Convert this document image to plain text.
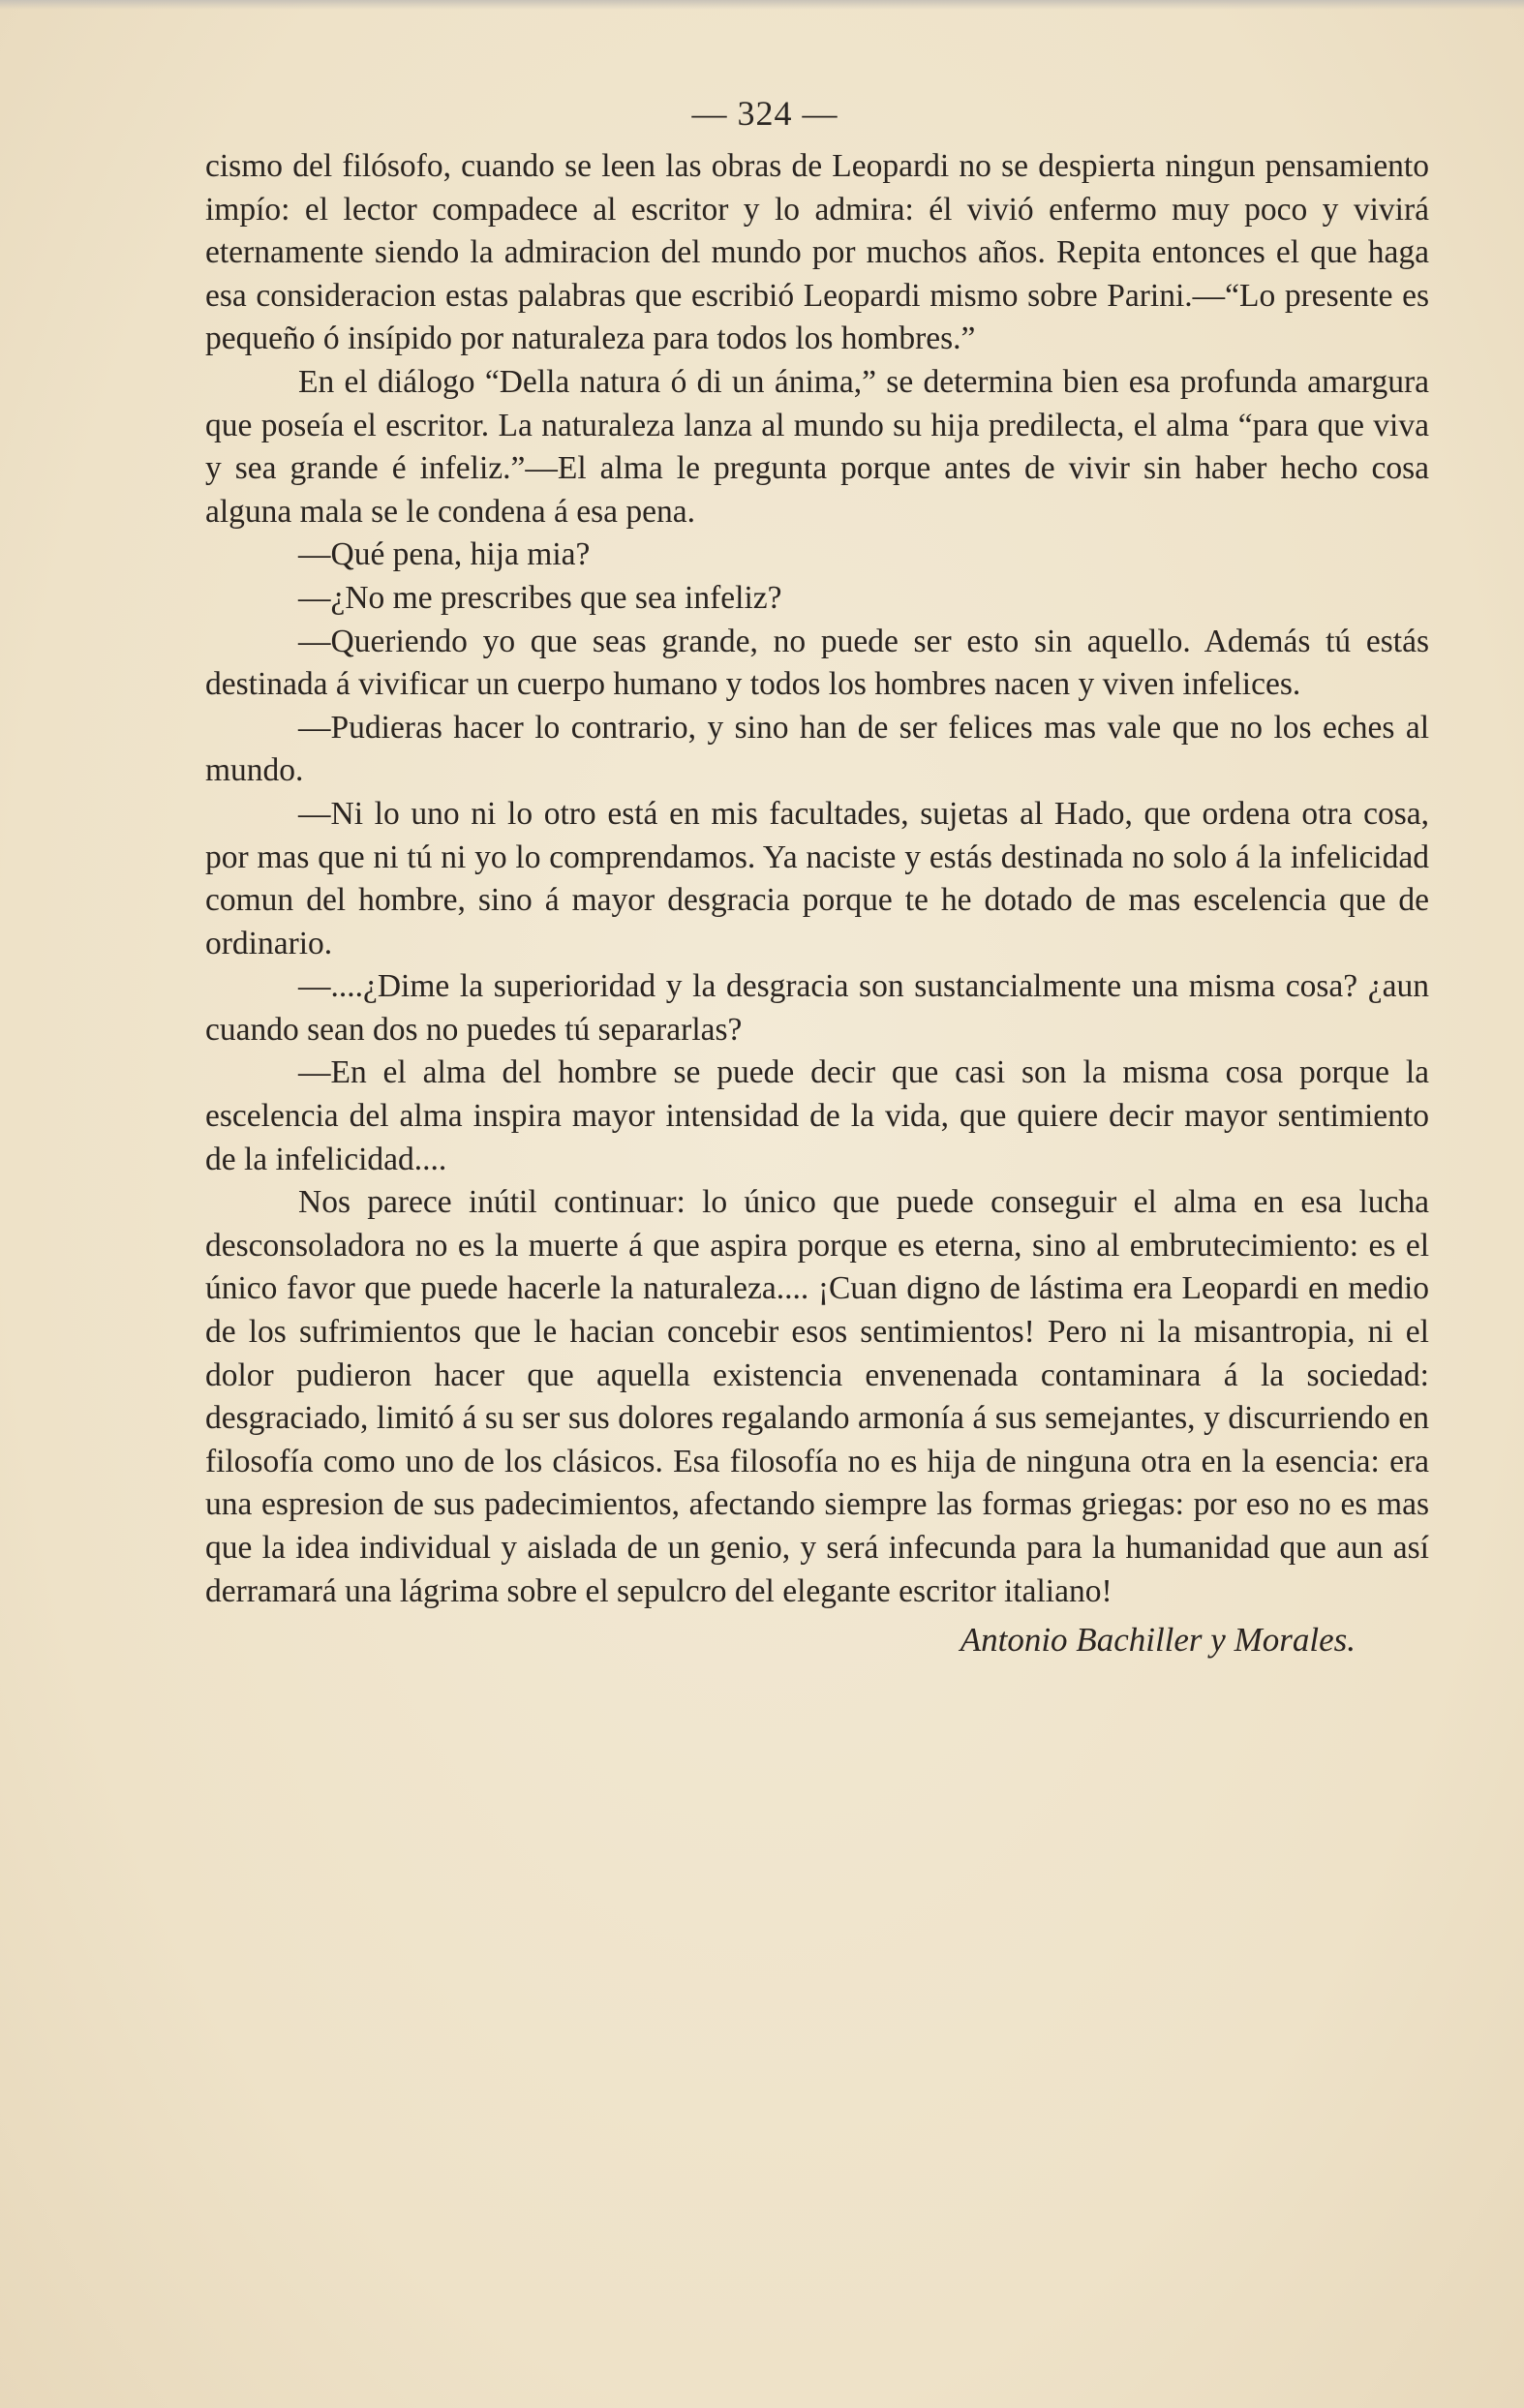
— 324 —

cismo del filósofo, cuando se leen las obras de Leopardi no se despierta ningun pensamiento impío: el lector compadece al escritor y lo admira: él vivió enfermo muy poco y vivirá eternamente siendo la admiracion del mundo por muchos años. Repita entonces el que haga esa consideracion estas palabras que escribió Leopardi mismo sobre Parini.—“Lo presente es pequeño ó insípido por naturaleza para todos los hombres.”

En el diálogo “Della natura ó di un ánima,” se determina bien esa profunda amargura que poseía el escritor. La naturaleza lanza al mundo su hija predilecta, el alma “para que viva y sea grande é infeliz.”—El alma le pregunta porque antes de vivir sin haber hecho cosa alguna mala se le condena á esa pena.

—Qué pena, hija mia?

—¿No me prescribes que sea infeliz?

—Queriendo yo que seas grande, no puede ser esto sin aquello. Además tú estás destinada á vivificar un cuerpo humano y todos los hombres nacen y viven infelices.

—Pudieras hacer lo contrario, y sino han de ser felices mas vale que no los eches al mundo.

—Ni lo uno ni lo otro está en mis facultades, sujetas al Hado, que ordena otra cosa, por mas que ni tú ni yo lo comprendamos. Ya naciste y estás destinada no solo á la infelicidad comun del hombre, sino á mayor desgracia porque te he dotado de mas escelencia que de ordinario.

—....¿Dime la superioridad y la desgracia son sustancialmente una misma cosa? ¿aun cuando sean dos no puedes tú separarlas?

—En el alma del hombre se puede decir que casi son la misma cosa porque la escelencia del alma inspira mayor intensidad de la vida, que quiere decir mayor sentimiento de la infelicidad....

Nos parece inútil continuar: lo único que puede conseguir el alma en esa lucha desconsoladora no es la muerte á que aspira porque es eterna, sino al embrutecimiento: es el único favor que puede hacerle la naturaleza.... ¡Cuan digno de lástima era Leopardi en medio de los sufrimientos que le hacian concebir esos sentimientos! Pero ni la misantropia, ni el dolor pudieron hacer que aquella existencia envenenada contaminara á la sociedad: desgraciado, limitó á su ser sus dolores regalando armonía á sus semejantes, y discurriendo en filosofía como uno de los clásicos. Esa filosofía no es hija de ninguna otra en la esencia: era una espresion de sus padecimientos, afectando siempre las formas griegas: por eso no es mas que la idea individual y aislada de un genio, y será infecunda para la humanidad que aun así derramará una lágrima sobre el sepulcro del elegante escritor italiano!

Antonio Bachiller y Morales.
